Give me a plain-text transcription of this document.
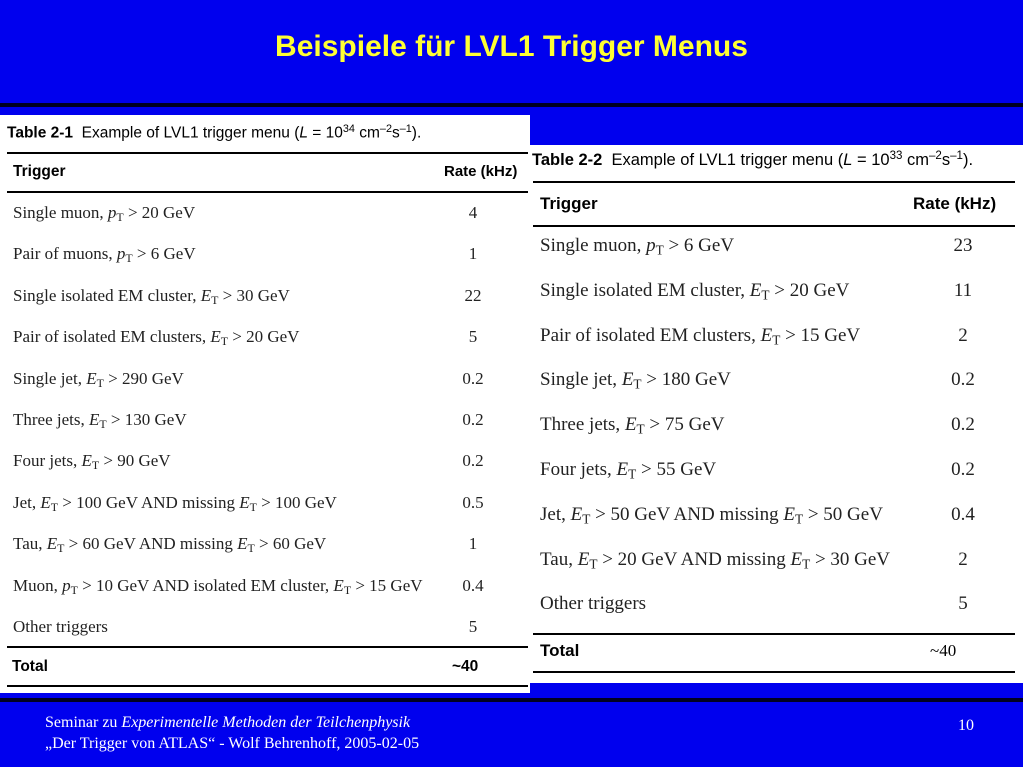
Beispiele für LVL1 Trigger Menus
Table 2-1 Example of LVL1 trigger menu ($L = 10^{34}$ $cm^{-2}s^{-1}$).
Trigger	Rate (kHz)
Single muon, $p_T > 20$ GeV	4
Pair of muons, $p_T > 6$ GeV	1
Single isolated EM cluster, $E_T > 30$ GeV	22
Pair of isolated EM clusters, $E_T > 20$ GeV	5
Single jet, $E_T > 290$ GeV	0.2
Three jets, $E_T > 130$ GeV	0.2
Four jets, $E_T > 90$ GeV	0.2
Jet, $E_T > 100$ GeV AND missing $E_T > 100$ GeV	0.5
Tau, $E_T > 60$ GeV AND missing $E_T > 60$ GeV	1
Muon, $p_T > 10$ GeV AND isolated EM cluster, $E_T > 15$ GeV	0.4
Other triggers	5
Total	~40
Table 2-2 Example of LVL1 trigger menu ($L = 10^{33}$ $cm^{-2}s^{-1}$).
Trigger	Rate (kHz)
Single muon, $p_T > 6$ GeV	23
Single isolated EM cluster, $E_T > 20$ GeV	11
Pair of isolated EM clusters, $E_T > 15$ GeV	2
Single jet, $E_T > 180$ GeV	0.2
Three jets, $E_T > 75$ GeV	0.2
Four jets, $E_T > 55$ GeV	0.2
Jet, $E_T > 50$ GeV AND missing $E_T > 50$ GeV	0.4
Tau, $E_T > 20$ GeV AND missing $E_T > 30$ GeV	2
Other triggers	5
Total	~40
Seminar zu Experimentelle Methoden der Teilchenphysik
„Der Trigger von ATLAS“ - Wolf Behrenhoff, 2005-02-05
10
